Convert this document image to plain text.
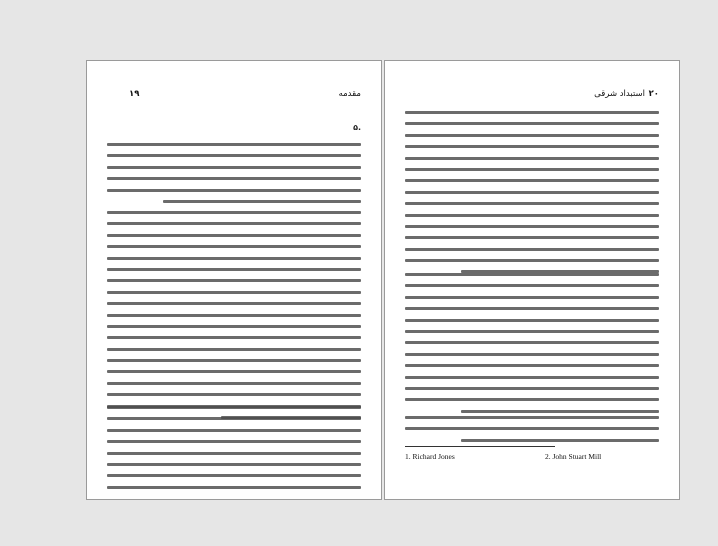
۱۹	مقدمه
۵.
استبداد شرقی ۲۰
1. Richard Jones	2. John Stuart Mill
